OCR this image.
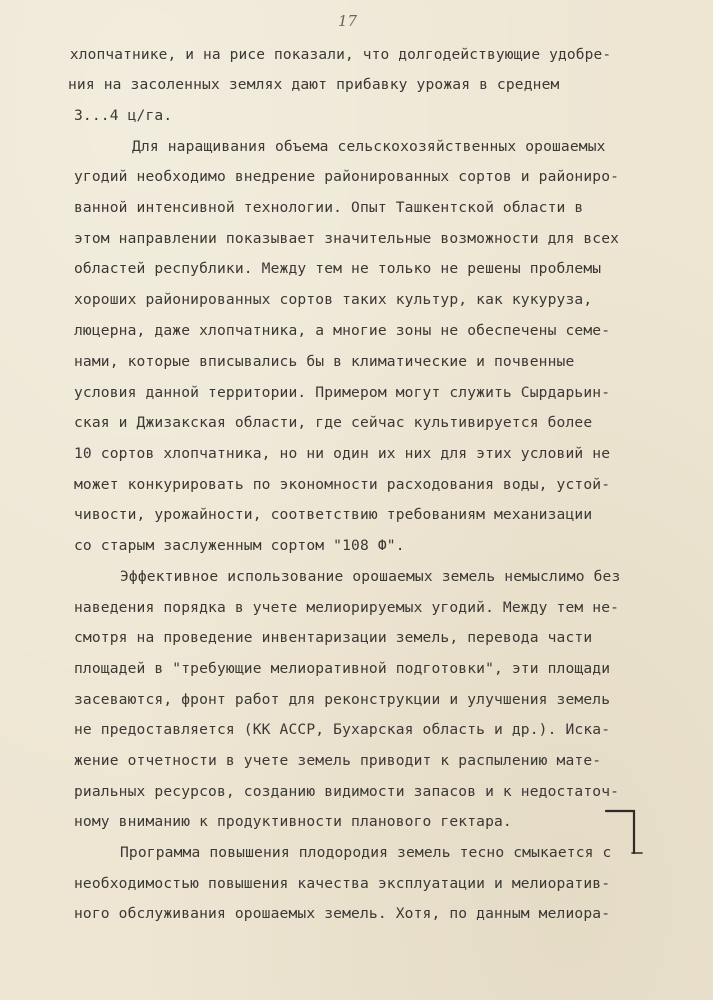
17
хлопчатнике, и на рисе показали, что долгодействующие удобре-
ния на засоленных землях дают прибавку урожая в среднем
3...4 ц/га.
Для наращивания объема сельскохозяйственных орошаемых
угодий необходимо внедрение районированных сортов и райониро-
ванной интенсивной технологии. Опыт Ташкентской области в
этом направлении показывает значительные возможности для всех
областей республики. Между тем не только не решены проблемы
хороших районированных сортов таких культур, как кукуруза,
люцерна, даже хлопчатника, а многие зоны не обеспечены семе-
нами, которые вписывались бы в климатические и почвенные
условия данной территории. Примером могут служить Сырдарьин-
ская и Джизакская области, где сейчас культивируется более
10 сортов хлопчатника, но ни один их них для этих условий не
может конкурировать по экономности расходования воды, устой-
чивости, урожайности, соответствию требованиям механизации
со старым заслуженным сортом "108 Ф".
Эффективное использование орошаемых земель немыслимо без
наведения порядка в учете мелиорируемых угодий. Между тем не-
смотря на проведение инвентаризации земель, перевода части
площадей в "требующие мелиоративной подготовки", эти площади
засеваются, фронт работ для реконструкции и улучшения земель
не предоставляется (КК АССР, Бухарская область и др.). Иска-
жение отчетности в учете земель приводит к распылению мате-
риальных ресурсов, созданию видимости запасов и к недостаточ-
ному вниманию к продуктивности планового гектара.
Программа повышения плодородия земель тесно смыкается с
необходимостью повышения качества эксплуатации и мелиоратив-
ного обслуживания орошаемых земель. Хотя, по данным мелиора-
